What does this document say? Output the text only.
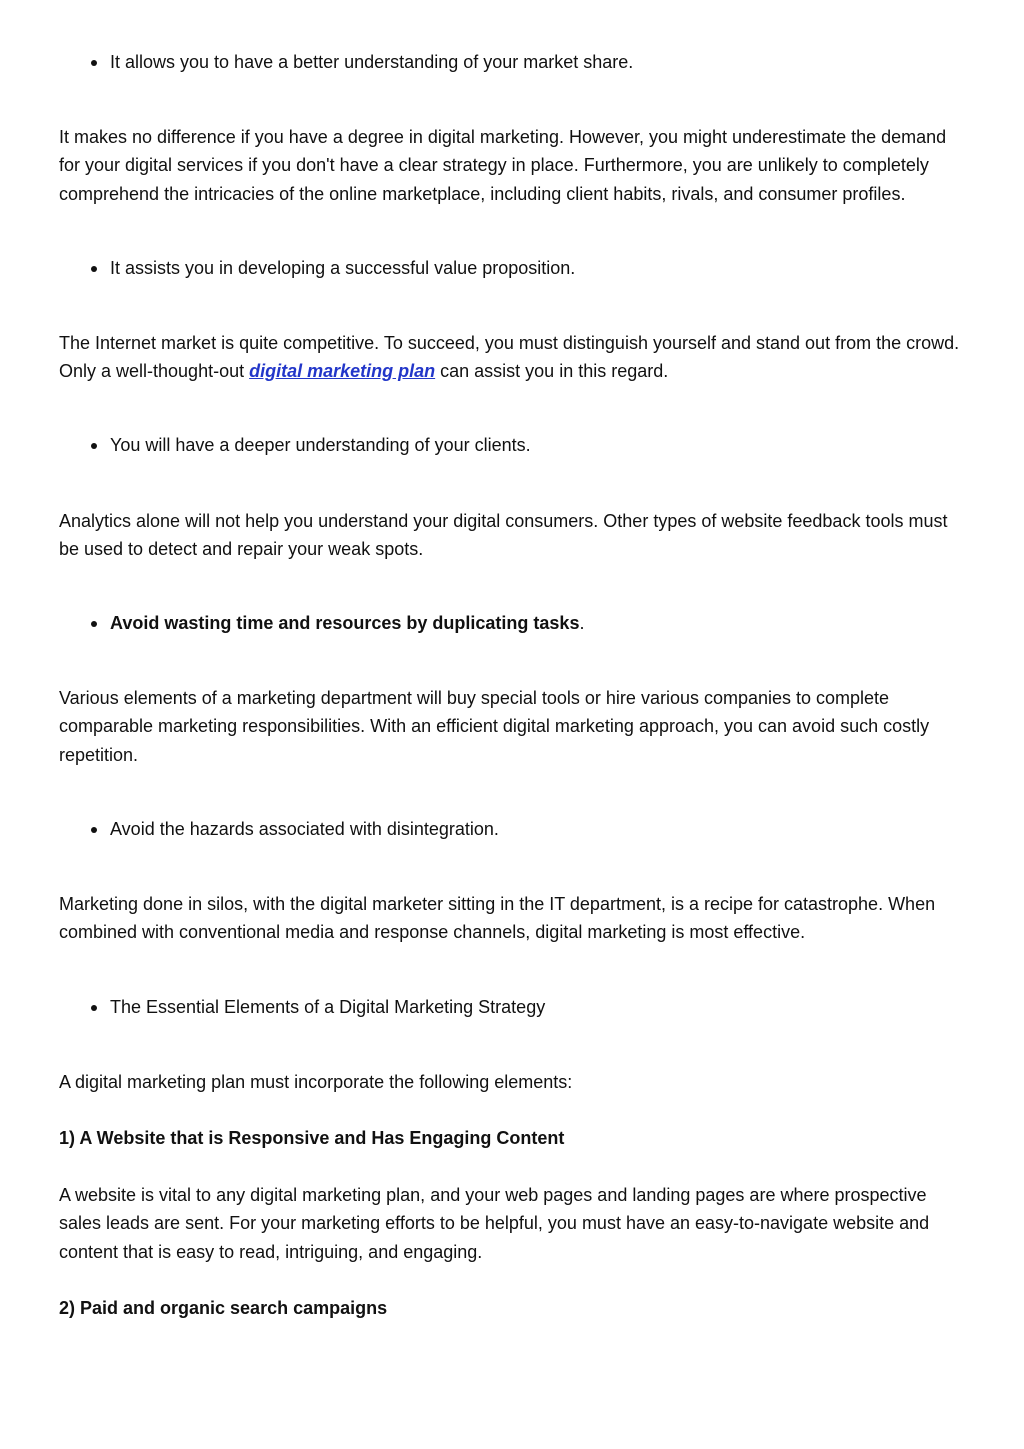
It allows you to have a better understanding of your market share.

It makes no difference if you have a degree in digital marketing. However, you might underestimate the demand for your digital services if you don't have a clear strategy in place. Furthermore, you are unlikely to completely comprehend the intricacies of the online marketplace, including client habits, rivals, and consumer profiles.

It assists you in developing a successful value proposition.

The Internet market is quite competitive. To succeed, you must distinguish yourself and stand out from the crowd. Only a well-thought-out digital marketing plan can assist you in this regard.

You will have a deeper understanding of your clients.

Analytics alone will not help you understand your digital consumers. Other types of website feedback tools must be used to detect and repair your weak spots.

Avoid wasting time and resources by duplicating tasks.

Various elements of a marketing department will buy special tools or hire various companies to complete comparable marketing responsibilities. With an efficient digital marketing approach, you can avoid such costly repetition.

Avoid the hazards associated with disintegration.

Marketing done in silos, with the digital marketer sitting in the IT department, is a recipe for catastrophe. When combined with conventional media and response channels, digital marketing is most effective.

The Essential Elements of a Digital Marketing Strategy

A digital marketing plan must incorporate the following elements:

1) A Website that is Responsive and Has Engaging Content

A website is vital to any digital marketing plan, and your web pages and landing pages are where prospective sales leads are sent. For your marketing efforts to be helpful, you must have an easy-to-navigate website and content that is easy to read, intriguing, and engaging.

2) Paid and organic search campaigns
